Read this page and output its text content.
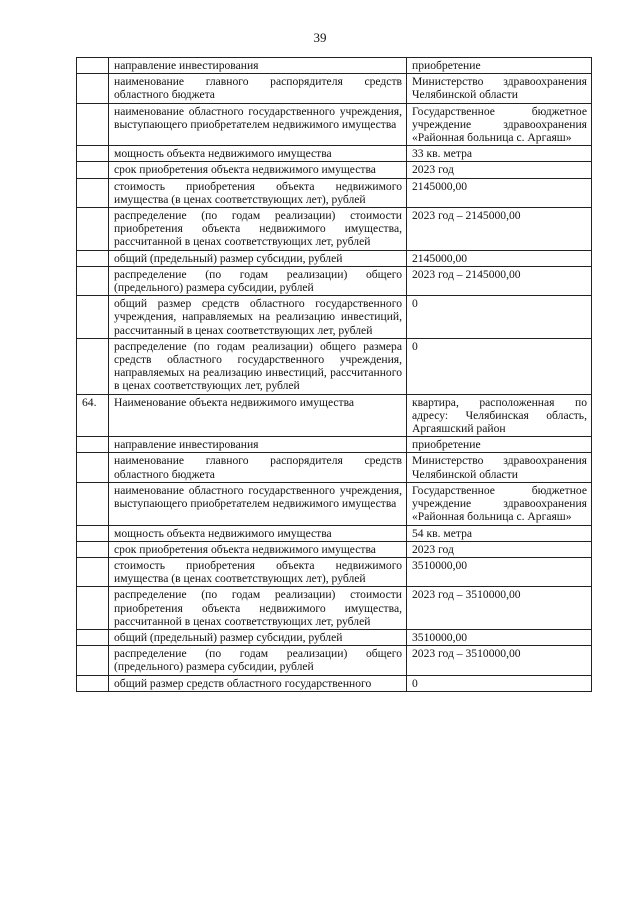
39
	направление инвестирования	приобретение
	наименование главного распорядителя средств областного бюджета	Министерство здравоохранения Челябинской области
	наименование областного государственного учреждения, выступающего приобретателем недвижимого имущества	Государственное бюджетное учреждение здравоохранения «Районная больница с. Аргаяш»
	мощность объекта недвижимого имущества	33 кв. метра
	срок приобретения объекта недвижимого имущества	2023 год
	стоимость приобретения объекта недвижимого имущества (в ценах соответствующих лет), рублей	2145000,00
	распределение (по годам реализации) стоимости приобретения объекта недвижимого имущества, рассчитанной в ценах соответствующих лет, рублей	2023 год – 2145000,00
	общий (предельный) размер субсидии, рублей	2145000,00
	распределение (по годам реализации) общего (предельного) размера субсидии, рублей	2023 год – 2145000,00
	общий размер средств областного государственного учреждения, направляемых на реализацию инвестиций, рассчитанный в ценах соответствующих лет, рублей	0
	распределение (по годам реализации) общего размера средств областного государственного учреждения, направляемых на реализацию инвестиций, рассчитанного в ценах соответствующих лет, рублей	0
64.	Наименование объекта недвижимого имущества	квартира, расположенная по адресу: Челябинская область, Аргаяшский район
	направление инвестирования	приобретение
	наименование главного распорядителя средств областного бюджета	Министерство здравоохранения Челябинской области
	наименование областного государственного учреждения, выступающего приобретателем недвижимого имущества	Государственное бюджетное учреждение здравоохранения «Районная больница с. Аргаяш»
	мощность объекта недвижимого имущества	54 кв. метра
	срок приобретения объекта недвижимого имущества	2023 год
	стоимость приобретения объекта недвижимого имущества (в ценах соответствующих лет), рублей	3510000,00
	распределение (по годам реализации) стоимости приобретения объекта недвижимого имущества, рассчитанной в ценах соответствующих лет, рублей	2023 год – 3510000,00
	общий (предельный) размер субсидии, рублей	3510000,00
	распределение (по годам реализации) общего (предельного) размера субсидии, рублей	2023 год – 3510000,00
	общий размер средств областного государственного	0
